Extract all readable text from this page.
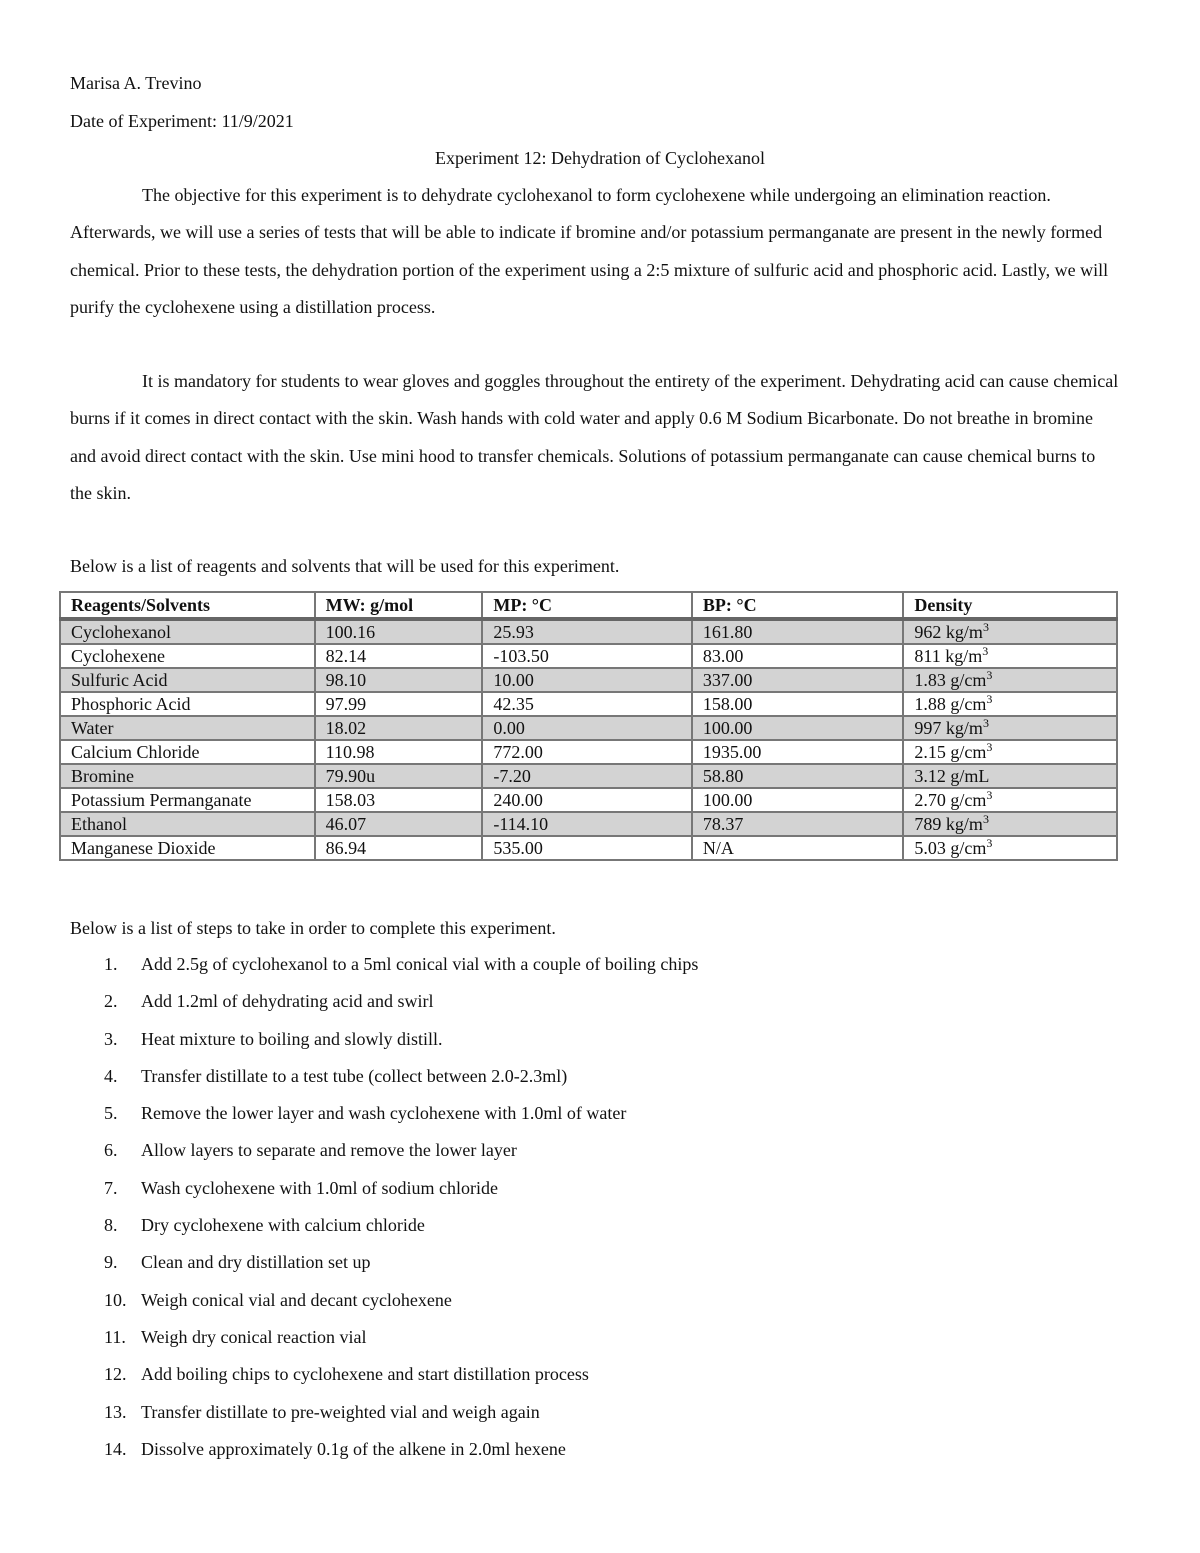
Marisa A. Trevino
Date of Experiment: 11/9/2021
Experiment 12: Dehydration of Cyclohexanol
The objective for this experiment is to dehydrate cyclohexanol to form cyclohexene while undergoing an elimination reaction. Afterwards, we will use a series of tests that will be able to indicate if bromine and/or potassium permanganate are present in the newly formed chemical. Prior to these tests, the dehydration portion of the experiment using a 2:5 mixture of sulfuric acid and phosphoric acid. Lastly, we will purify the cyclohexene using a distillation process.
It is mandatory for students to wear gloves and goggles throughout the entirety of the experiment. Dehydrating acid can cause chemical burns if it comes in direct contact with the skin. Wash hands with cold water and apply 0.6 M Sodium Bicarbonate. Do not breathe in bromine and avoid direct contact with the skin. Use mini hood to transfer chemicals. Solutions of potassium permanganate can cause chemical burns to the skin.
Below is a list of reagents and solvents that will be used for this experiment.
Reagents/Solvents	MW: g/mol	MP: °C	BP: °C	Density
Cyclohexanol	100.16	25.93	161.80	962 $kg/m^3$
Cyclohexene	82.14	-103.50	83.00	811 $kg/m^3$
Sulfuric Acid	98.10	10.00	337.00	1.83 $g/cm^3$
Phosphoric Acid	97.99	42.35	158.00	1.88 $g/cm^3$
Water	18.02	0.00	100.00	997 $kg/m^3$
Calcium Chloride	110.98	772.00	1935.00	2.15 $g/cm^3$
Bromine	79.90u	-7.20	58.80	3.12 g/mL
Potassium Permanganate	158.03	240.00	100.00	2.70 $g/cm^3$
Ethanol	46.07	-114.10	78.37	789 $kg/m^3$
Manganese Dioxide	86.94	535.00	N/A	5.03 $g/cm^3$
Below is a list of steps to take in order to complete this experiment.
1. Add 2.5g of cyclohexanol to a 5ml conical vial with a couple of boiling chips
2. Add 1.2ml of dehydrating acid and swirl
3. Heat mixture to boiling and slowly distill.
4. Transfer distillate to a test tube (collect between 2.0-2.3ml)
5. Remove the lower layer and wash cyclohexene with 1.0ml of water
6. Allow layers to separate and remove the lower layer
7. Wash cyclohexene with 1.0ml of sodium chloride
8. Dry cyclohexene with calcium chloride
9. Clean and dry distillation set up
10. Weigh conical vial and decant cyclohexene
11. Weigh dry conical reaction vial
12. Add boiling chips to cyclohexene and start distillation process
13. Transfer distillate to pre-weighted vial and weigh again
14. Dissolve approximately 0.1g of the alkene in 2.0ml hexene
